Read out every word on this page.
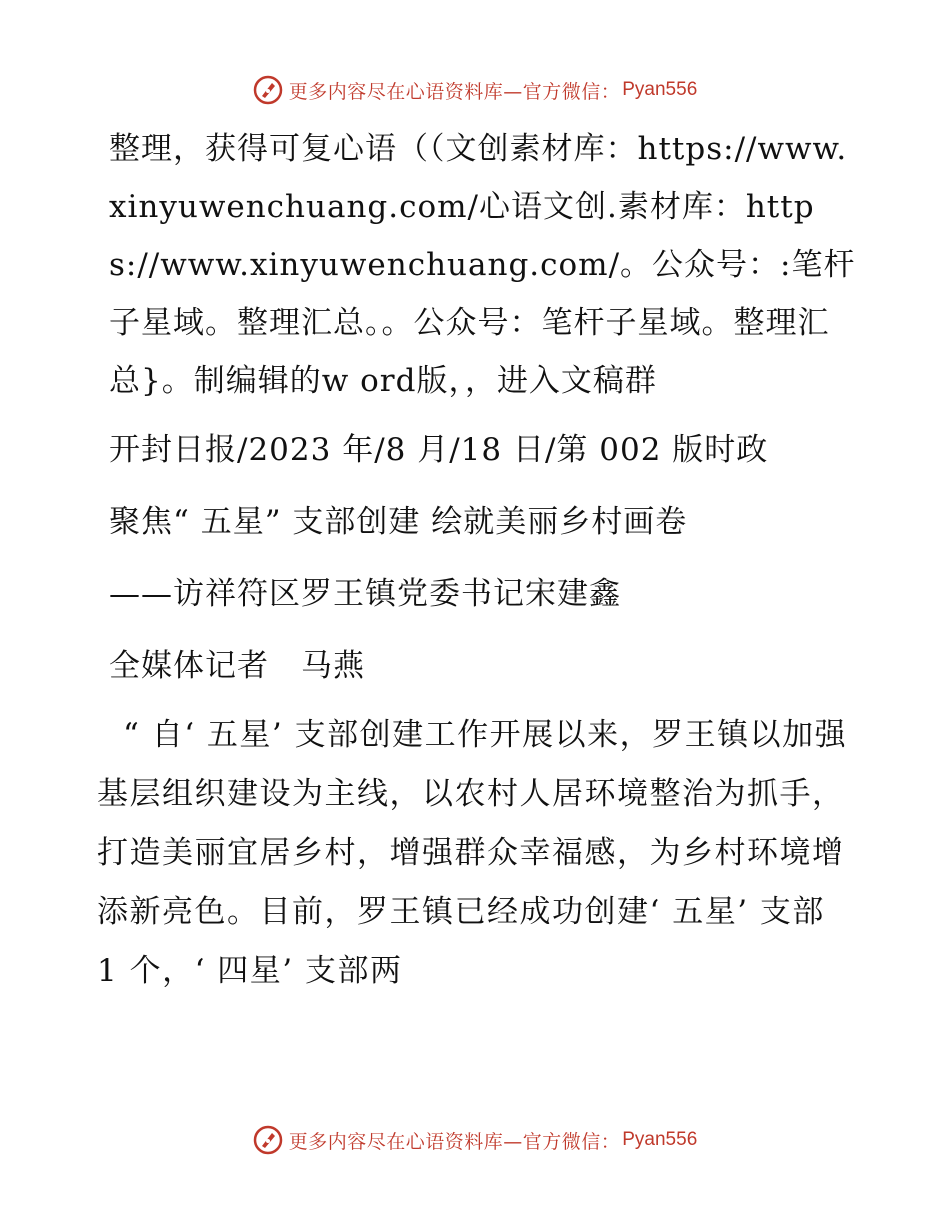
更多内容尽在心语资料库—官方微信： Pyan556

整理，获得可复心语（（文创素材库：https://www.xinyuwenchuang.com/心语文创.素材库：https://www.xinyuwenchuang.com/。公众号：:笔杆子星域。整理汇总。。公众号：笔杆子星域。整理汇总}。制编辑的w ord版，，进入文稿群

开封日报/2023 年/8 月/18 日/第 002 版时政

聚焦“ 五星” 支部创建 绘就美丽乡村画卷

——访祥符区罗王镇党委书记宋建鑫

全媒体记者　马燕

“ 自‘ 五星’ 支部创建工作开展以来，罗王镇以加强基层组织建设为主线，以农村人居环境整治为抓手，打造美丽宜居乡村，增强群众幸福感，为乡村环境增添新亮色。目前，罗王镇已经成功创建‘ 五星’ 支部 1 个，‘ 四星’ 支部两

更多内容尽在心语资料库—官方微信： Pyan556
